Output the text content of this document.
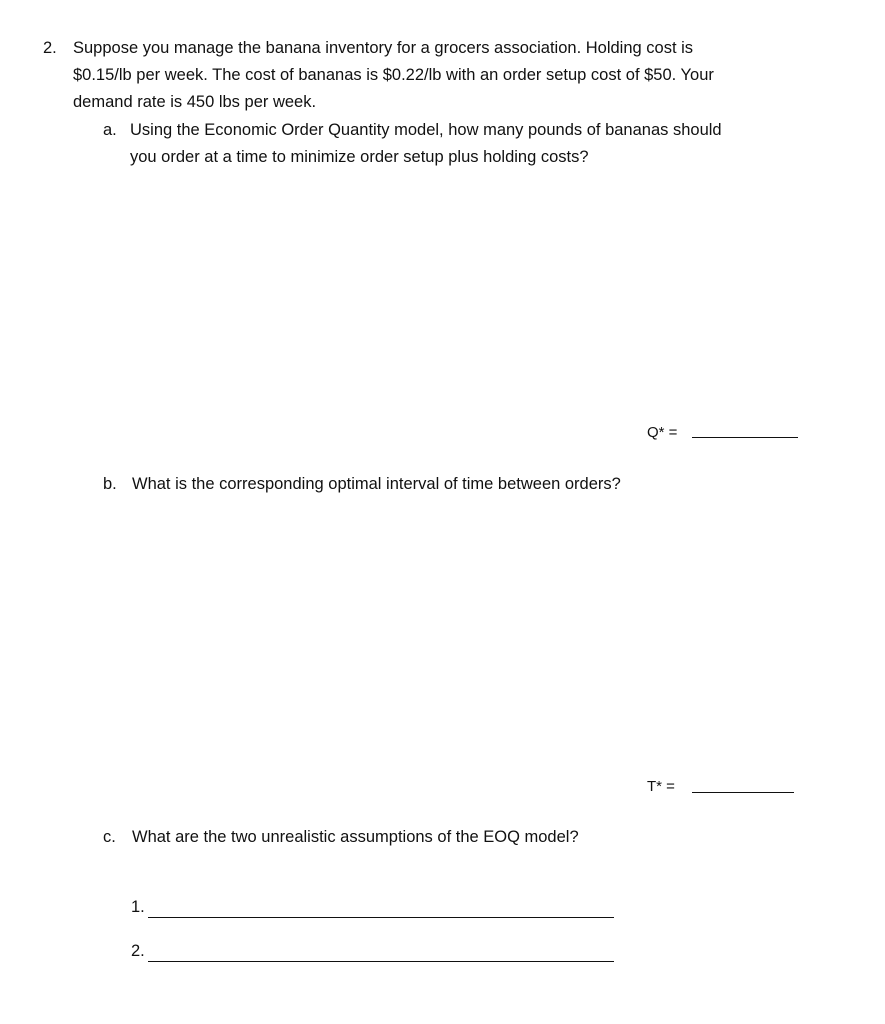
2. Suppose you manage the banana inventory for a grocers association. Holding cost is
$0.15/lb per week. The cost of bananas is $0.22/lb with an order setup cost of $50. Your
demand rate is 450 lbs per week.
a. Using the Economic Order Quantity model, how many pounds of bananas should
you order at a time to minimize order setup plus holding costs?
Q* =
b. What is the corresponding optimal interval of time between orders?
T* =
c. What are the two unrealistic assumptions of the EOQ model?
1.
2.
